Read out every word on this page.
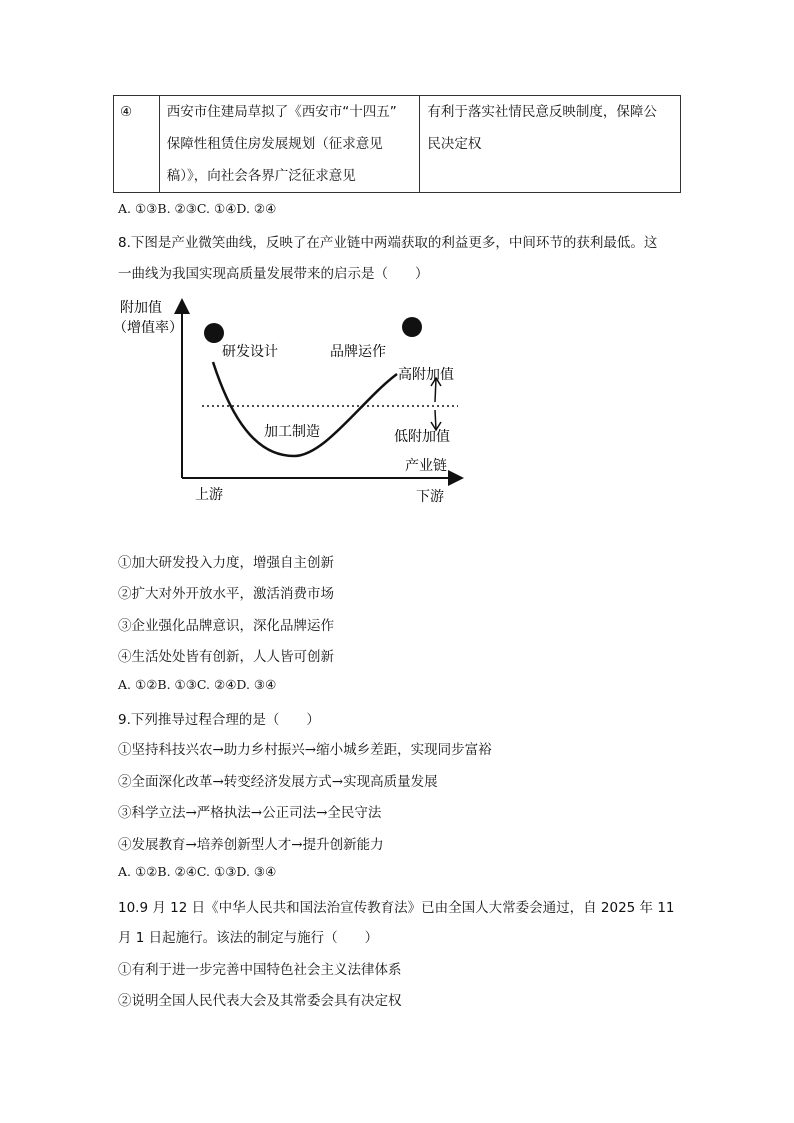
④	西安市住建局草拟了《西安市“十四五”
保障性租赁住房发展规划（征求意见
稿）》，向社会各界广泛征求意见

有利于落实社情民意反映制度，保障公
民决定权
A. ①③B. ②③C. ①④D. ②④
8.下图是产业微笑曲线，反映了在产业链中两端获取的利益更多，中间环节的获利最低。这
一曲线为我国实现高质量发展带来的启示是（　　）
附加值
（增值率）
研发设计	品牌运作
高附加值
加工制造	低附加值
产业链
上游	下游
①加大研发投入力度，增强自主创新
②扩大对外开放水平，激活消费市场
③企业强化品牌意识，深化品牌运作
④生活处处皆有创新，人人皆可创新
A. ①②B. ①③C. ②④D. ③④
9.下列推导过程合理的是（　　）
①坚持科技兴农→助力乡村振兴→缩小城乡差距，实现同步富裕
②全面深化改革→转变经济发展方式→实现高质量发展
③科学立法→严格执法→公正司法→全民守法
④发展教育→培养创新型人才→提升创新能力
A. ①②B. ②④C. ①③D. ③④
10.9 月 12 日《中华人民共和国法治宣传教育法》已由全国人大常委会通过，自 2025 年 11
月 1 日起施行。该法的制定与施行（　　）
①有利于进一步完善中国特色社会主义法律体系
②说明全国人民代表大会及其常委会具有决定权
